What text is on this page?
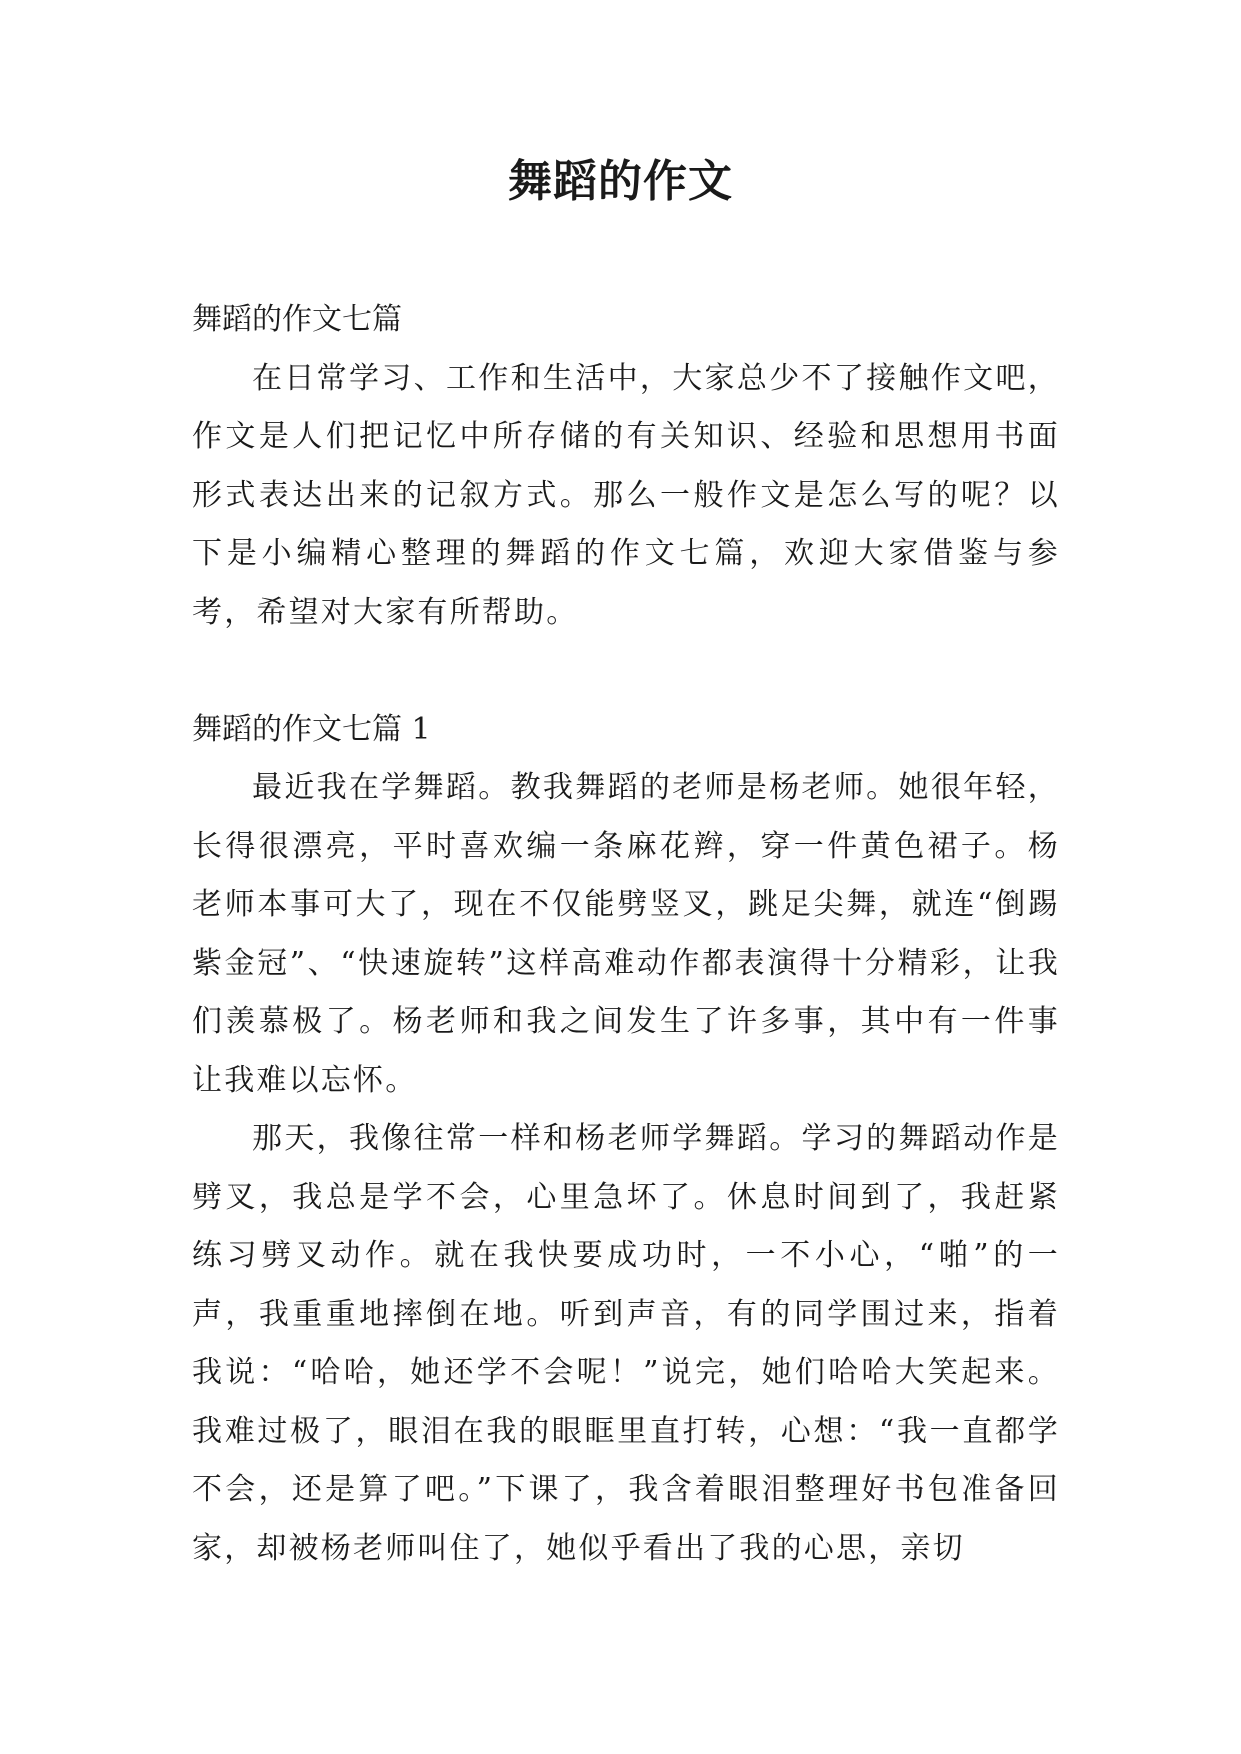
舞蹈的作文
舞蹈的作文七篇

在日常学习、工作和生活中，大家总少不了接触作文吧，作文是人们把记忆中所存储的有关知识、经验和思想用书面形式表达出来的记叙方式。那么一般作文是怎么写的呢？以下是小编精心整理的舞蹈的作文七篇，欢迎大家借鉴与参考，希望对大家有所帮助。

舞蹈的作文七篇 1

最近我在学舞蹈。教我舞蹈的老师是杨老师。她很年轻，长得很漂亮，平时喜欢编一条麻花辫，穿一件黄色裙子。杨老师本事可大了，现在不仅能劈竖叉，跳足尖舞，就连“倒踢紫金冠”、“快速旋转”这样高难动作都表演得十分精彩，让我们羡慕极了。杨老师和我之间发生了许多事，其中有一件事让我难以忘怀。

那天，我像往常一样和杨老师学舞蹈。学习的舞蹈动作是劈叉，我总是学不会，心里急坏了。休息时间到了，我赶紧练习劈叉动作。就在我快要成功时，一不小心，“啪”的一声，我重重地摔倒在地。听到声音，有的同学围过来，指着我说：“哈哈，她还学不会呢！”说完，她们哈哈大笑起来。我难过极了，眼泪在我的眼眶里直打转，心想：“我一直都学不会，还是算了吧。”下课了，我含着眼泪整理好书包准备回家，却被杨老师叫住了，她似乎看出了我的心思，亲切
